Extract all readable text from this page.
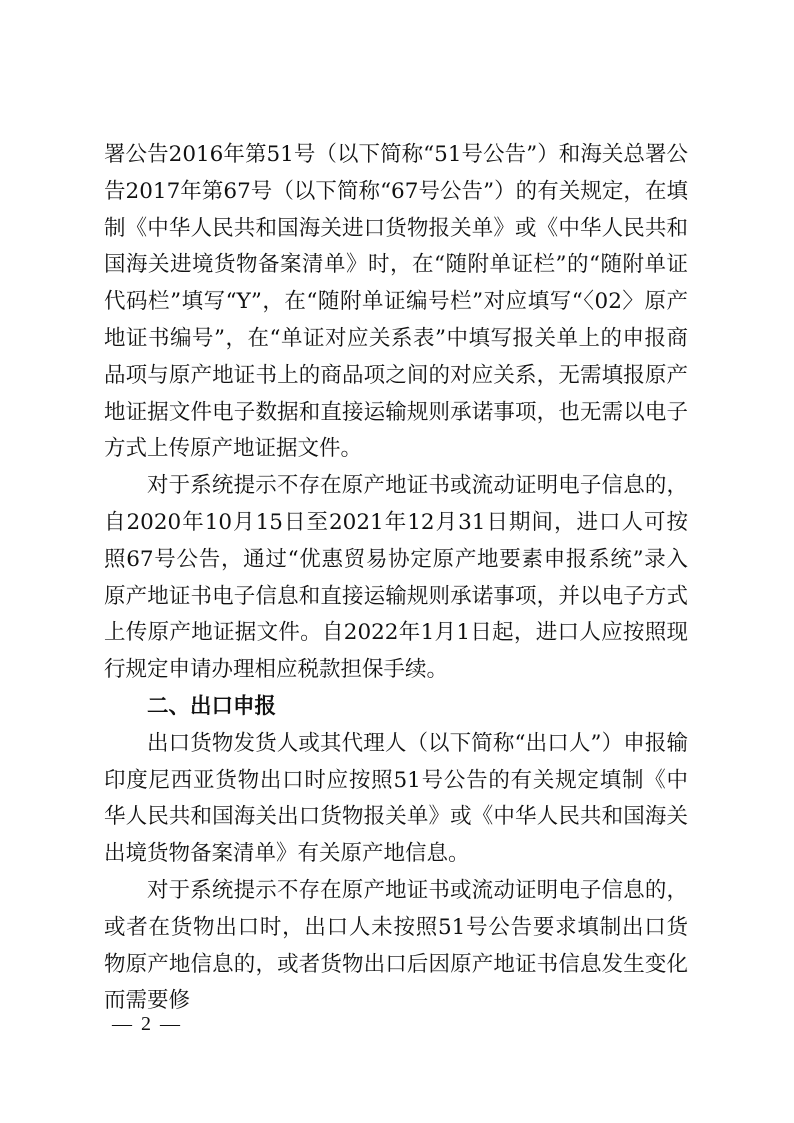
署公告2016年第51号（以下简称“51号公告”）和海关总署公告2017年第67号（以下简称“67号公告”）的有关规定，在填制《中华人民共和国海关进口货物报关单》或《中华人民共和国海关进境货物备案清单》时，在“随附单证栏”的“随附单证代码栏”填写“Y”，在“随附单证编号栏”对应填写“〈02〉原产地证书编号”，在“单证对应关系表”中填写报关单上的申报商品项与原产地证书上的商品项之间的对应关系，无需填报原产地证据文件电子数据和直接运输规则承诺事项，也无需以电子方式上传原产地证据文件。

对于系统提示不存在原产地证书或流动证明电子信息的，自2020年10月15日至2021年12月31日期间，进口人可按照67号公告，通过“优惠贸易协定原产地要素申报系统”录入原产地证书电子信息和直接运输规则承诺事项，并以电子方式上传原产地证据文件。自2022年1月1日起，进口人应按照现行规定申请办理相应税款担保手续。

二、出口申报

出口货物发货人或其代理人（以下简称“出口人”）申报输印度尼西亚货物出口时应按照51号公告的有关规定填制《中华人民共和国海关出口货物报关单》或《中华人民共和国海关出境货物备案清单》有关原产地信息。

对于系统提示不存在原产地证书或流动证明电子信息的，或者在货物出口时，出口人未按照51号公告要求填制出口货物原产地信息的，或者货物出口后因原产地证书信息发生变化而需要修

— 2 —
